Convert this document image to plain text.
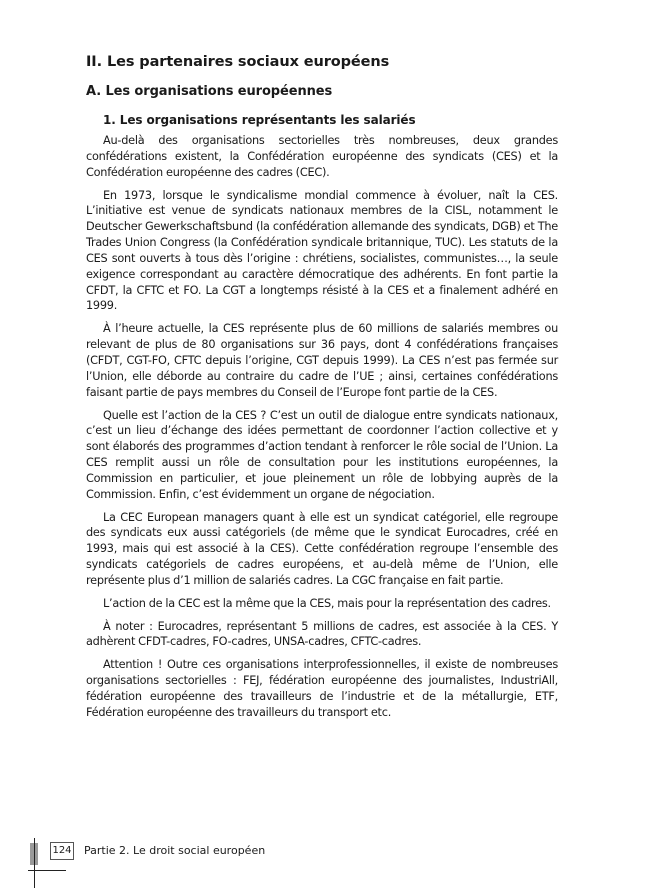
II. Les partenaires sociaux européens
A. Les organisations européennes
1. Les organisations représentants les salariés

Au-delà des organisations sectorielles très nombreuses, deux grandes confédérations existent, la Confédération européenne des syndicats (CES) et la Confédération européenne des cadres (CEC).

En 1973, lorsque le syndicalisme mondial commence à évoluer, naît la CES. L’initiative est venue de syndicats nationaux membres de la CISL, notamment le Deutscher Gewerkschaftsbund (la confédération allemande des syndicats, DGB) et The Trades Union Congress (la Confédération syndicale britannique, TUC). Les statuts de la CES sont ouverts à tous dès l’origine : chrétiens, socialistes, communistes…, la seule exigence correspondant au caractère démocratique des adhérents. En font partie la CFDT, la CFTC et FO. La CGT a longtemps résisté à la CES et a finalement adhéré en 1999.

À l’heure actuelle, la CES représente plus de 60 millions de salariés membres ou relevant de plus de 80 organisations sur 36 pays, dont 4 confédérations françaises (CFDT, CGT-FO, CFTC depuis l’origine, CGT depuis 1999). La CES n’est pas fermée sur l’Union, elle déborde au contraire du cadre de l’UE ; ainsi, certaines confédérations faisant partie de pays membres du Conseil de l’Europe font partie de la CES.

Quelle est l’action de la CES ? C’est un outil de dialogue entre syndicats nationaux, c’est un lieu d’échange des idées permettant de coordonner l’action collective et y sont élaborés des programmes d’action tendant à renforcer le rôle social de l’Union. La CES remplit aussi un rôle de consultation pour les institutions européennes, la Commission en particulier, et joue pleinement un rôle de lobbying auprès de la Commission. Enfin, c’est évidemment un organe de négociation.

La CEC European managers quant à elle est un syndicat catégoriel, elle regroupe des syndicats eux aussi catégoriels (de même que le syndicat Eurocadres, créé en 1993, mais qui est associé à la CES). Cette confédération regroupe l’ensemble des syndicats catégoriels de cadres européens, et au-delà même de l’Union, elle représente plus d’1 million de salariés cadres. La CGC française en fait partie.

L’action de la CEC est la même que la CES, mais pour la représentation des cadres.

À noter : Eurocadres, représentant 5 millions de cadres, est associée à la CES. Y adhèrent CFDT-cadres, FO-cadres, UNSA-cadres, CFTC-cadres.

Attention ! Outre ces organisations interprofessionnelles, il existe de nombreuses organisations sectorielles : FEJ, fédération européenne des journalistes, IndustriAll, fédération européenne des travailleurs de l’industrie et de la métallurgie, ETF, Fédération européenne des travailleurs du transport etc.

124 Partie 2. Le droit social européen
